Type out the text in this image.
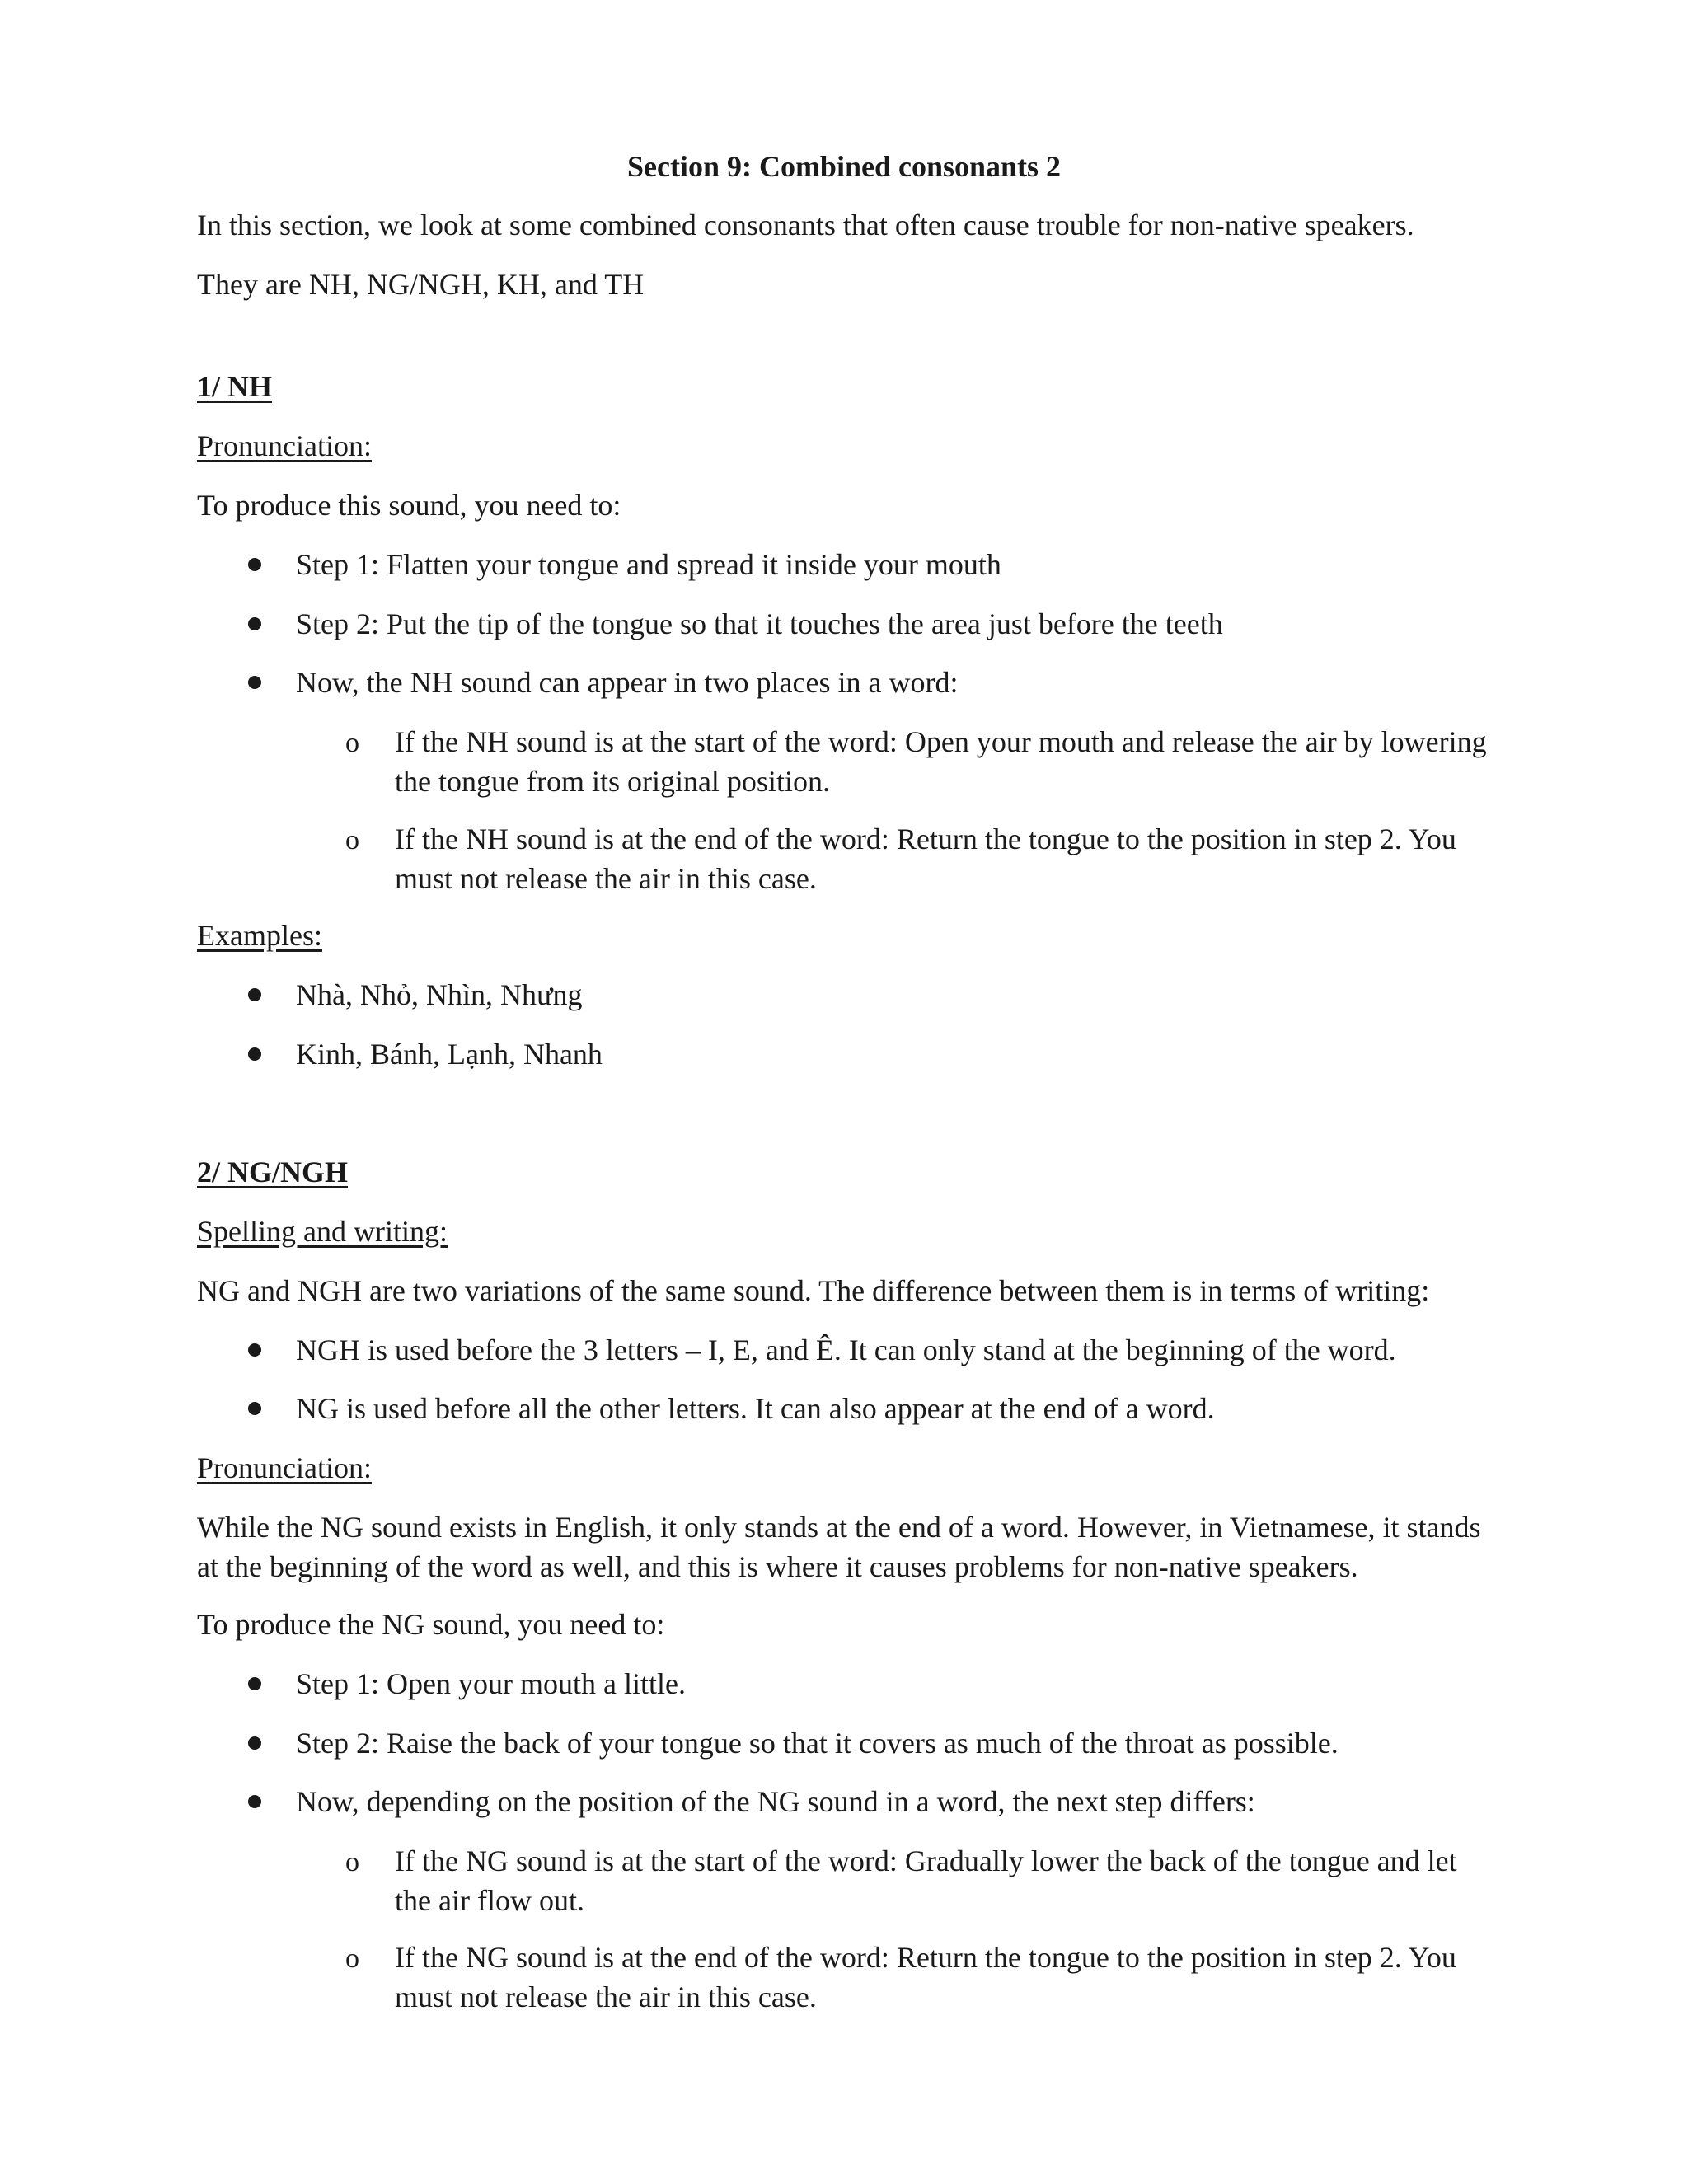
Section 9: Combined consonants 2

In this section, we look at some combined consonants that often cause trouble for non-native speakers.

They are NH, NG/NGH, KH, and TH

1/ NH

Pronunciation:

To produce this sound, you need to:

Step 1: Flatten your tongue and spread it inside your mouth

Step 2: Put the tip of the tongue so that it touches the area just before the teeth

Now, the NH sound can appear in two places in a word:

o If the NH sound is at the start of the word: Open your mouth and release the air by lowering the tongue from its original position.

o If the NH sound is at the end of the word: Return the tongue to the position in step 2. You must not release the air in this case.

Examples:

Nhà, Nhỏ, Nhìn, Nhưng

Kinh, Bánh, Lạnh, Nhanh

2/ NG/NGH

Spelling and writing:

NG and NGH are two variations of the same sound. The difference between them is in terms of writing:

NGH is used before the 3 letters – I, E, and Ê. It can only stand at the beginning of the word.

NG is used before all the other letters. It can also appear at the end of a word.

Pronunciation:

While the NG sound exists in English, it only stands at the end of a word. However, in Vietnamese, it stands at the beginning of the word as well, and this is where it causes problems for non-native speakers.

To produce the NG sound, you need to:

Step 1: Open your mouth a little.

Step 2: Raise the back of your tongue so that it covers as much of the throat as possible.

Now, depending on the position of the NG sound in a word, the next step differs:

o If the NG sound is at the start of the word: Gradually lower the back of the tongue and let the air flow out.

o If the NG sound is at the end of the word: Return the tongue to the position in step 2. You must not release the air in this case.
